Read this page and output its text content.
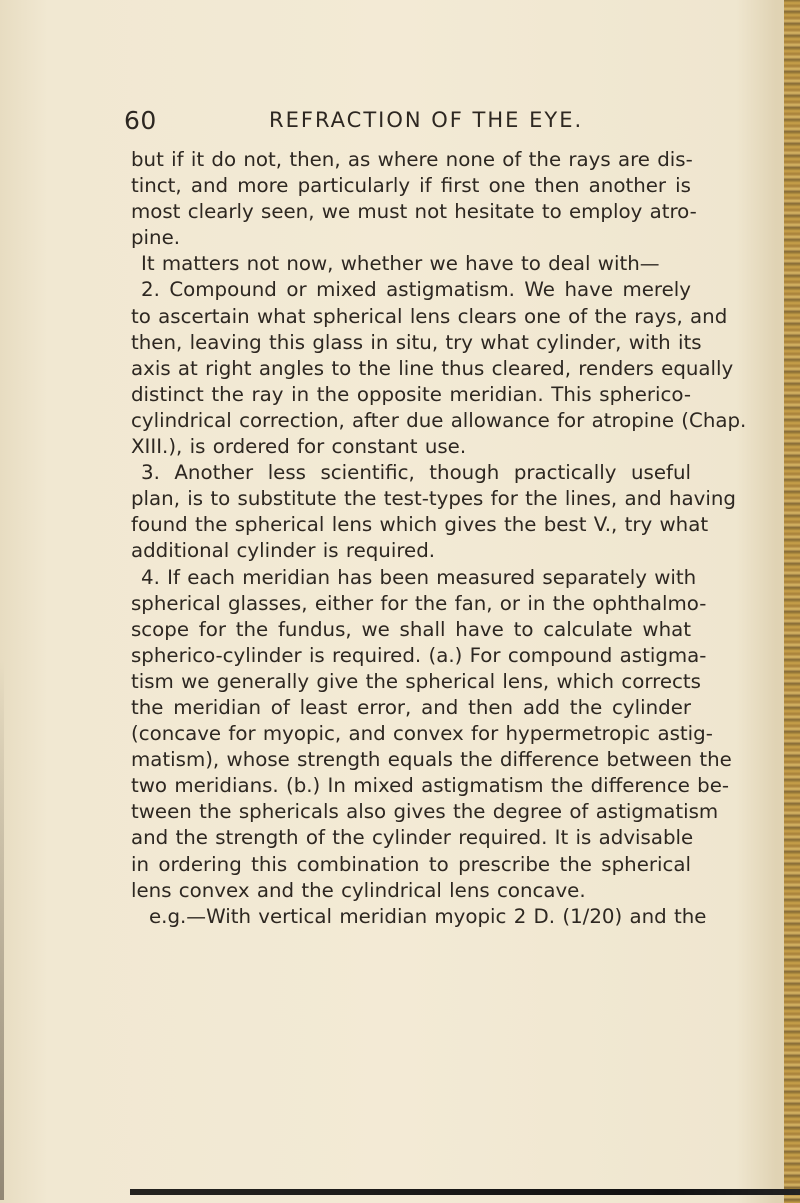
60	REFRACTION OF THE EYE.
but if it do not, then, as where none of the rays are dis-
tinct, and more particularly if first one then another is
most clearly seen, we must not hesitate to employ atro-
pine.
It matters not now, whether we have to deal with—
2. Compound or mixed astigmatism. We have merely
to ascertain what spherical lens clears one of the rays, and
then, leaving this glass in situ, try what cylinder, with its
axis at right angles to the line thus cleared, renders equally
distinct the ray in the opposite meridian. This spherico-
cylindrical correction, after due allowance for atropine (Chap.
XIII.), is ordered for constant use.
3. Another less scientific, though practically useful
plan, is to substitute the test-types for the lines, and having
found the spherical lens which gives the best V., try what
additional cylinder is required.
4. If each meridian has been measured separately with
spherical glasses, either for the fan, or in the ophthalmo-
scope for the fundus, we shall have to calculate what
spherico-cylinder is required. (a.) For compound astigma-
tism we generally give the spherical lens, which corrects
the meridian of least error, and then add the cylinder
(concave for myopic, and convex for hypermetropic astig-
matism), whose strength equals the difference between the
two meridians. (b.) In mixed astigmatism the difference be-
tween the sphericals also gives the degree of astigmatism
and the strength of the cylinder required. It is advisable
in ordering this combination to prescribe the spherical
lens convex and the cylindrical lens concave.
e.g.—With vertical meridian myopic 2 D. (1/20) and the
